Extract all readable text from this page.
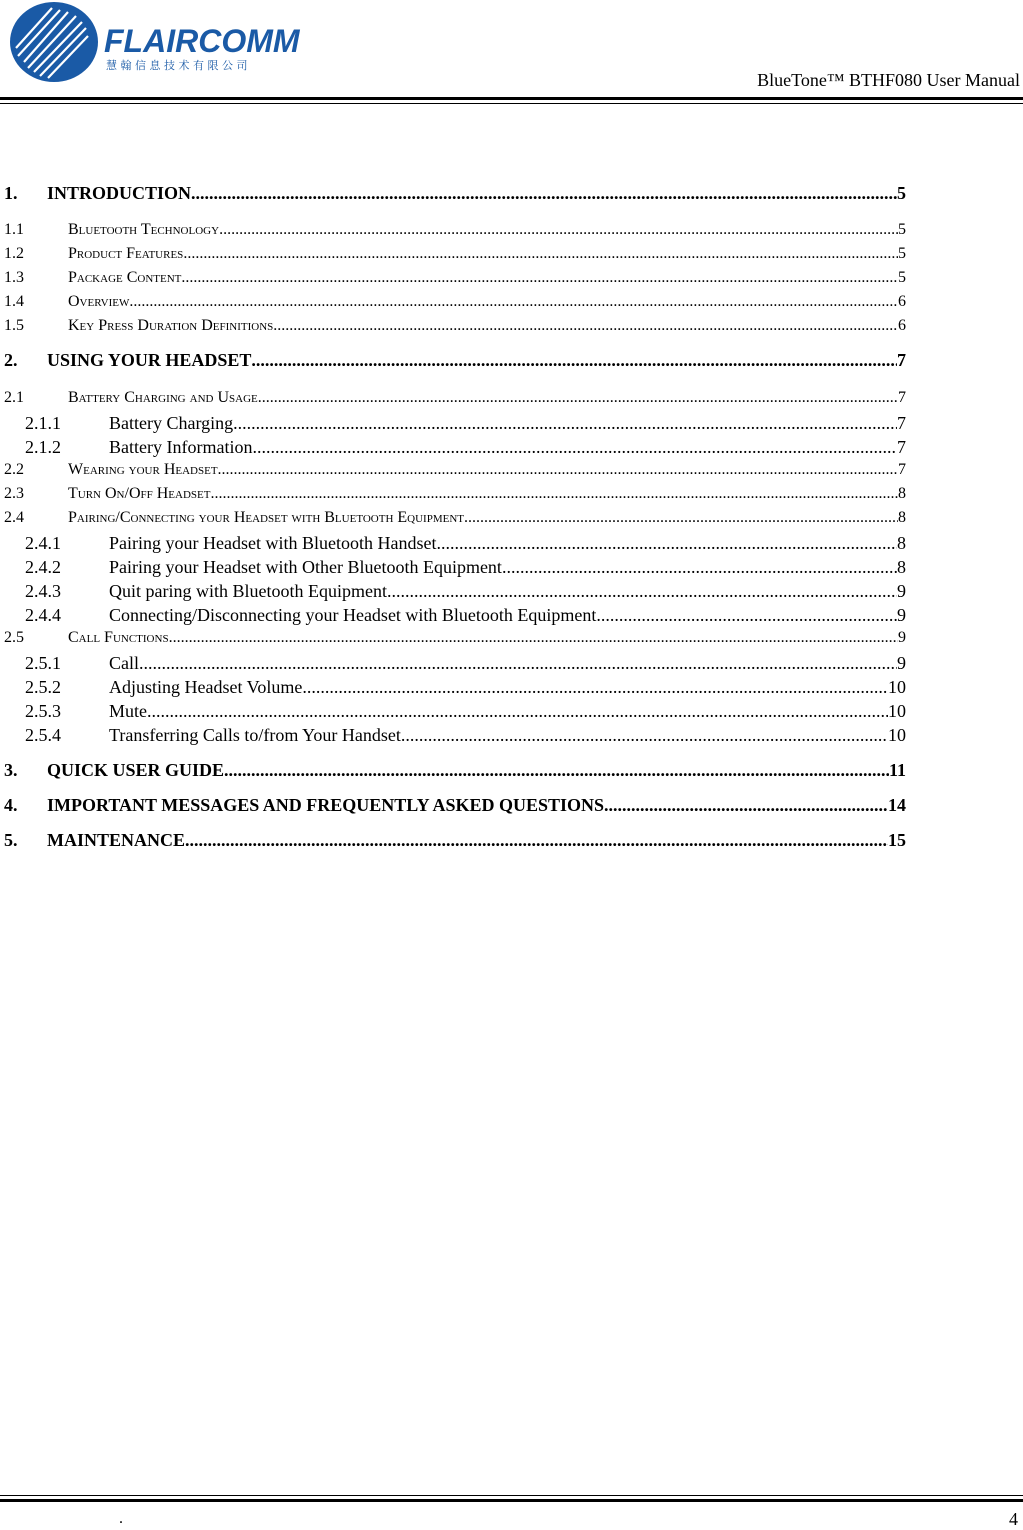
FLAIRCOMM
慧 翰 信 息 技 术 有 限 公 司
BlueTone™ BTHF080 User Manual
1.	INTRODUCTION .....	5
1.1	Bluetooth Technology .....	5
1.2	Product Features .....	5
1.3	Package Content .....	5
1.4	Overview .....	6
1.5	Key Press Duration Definitions .....	6
2.	USING YOUR HEADSET .....	7
2.1	Battery Charging and Usage .....	7
2.1.1	Battery Charging .....	7
2.1.2	Battery Information .....	7
2.2	Wearing your Headset .....	7
2.3	Turn On/Off Headset .....	8
2.4	Pairing/Connecting your Headset with Bluetooth Equipment .....	8
2.4.1	Pairing your Headset with Bluetooth Handset .....	8
2.4.2	Pairing your Headset with Other Bluetooth Equipment .....	8
2.4.3	Quit paring with Bluetooth Equipment .....	9
2.4.4	Connecting/Disconnecting your Headset with Bluetooth Equipment .....	9
2.5	Call Functions .....	9
2.5.1	Call .....	9
2.5.2	Adjusting Headset Volume .....	10
2.5.3	Mute .....	10
2.5.4	Transferring Calls to/from Your Handset .....	10
3.	QUICK USER GUIDE .....	11
4.	IMPORTANT MESSAGES AND FREQUENTLY ASKED QUESTIONS .....	14
5.	MAINTENANCE .....	15
.	4
